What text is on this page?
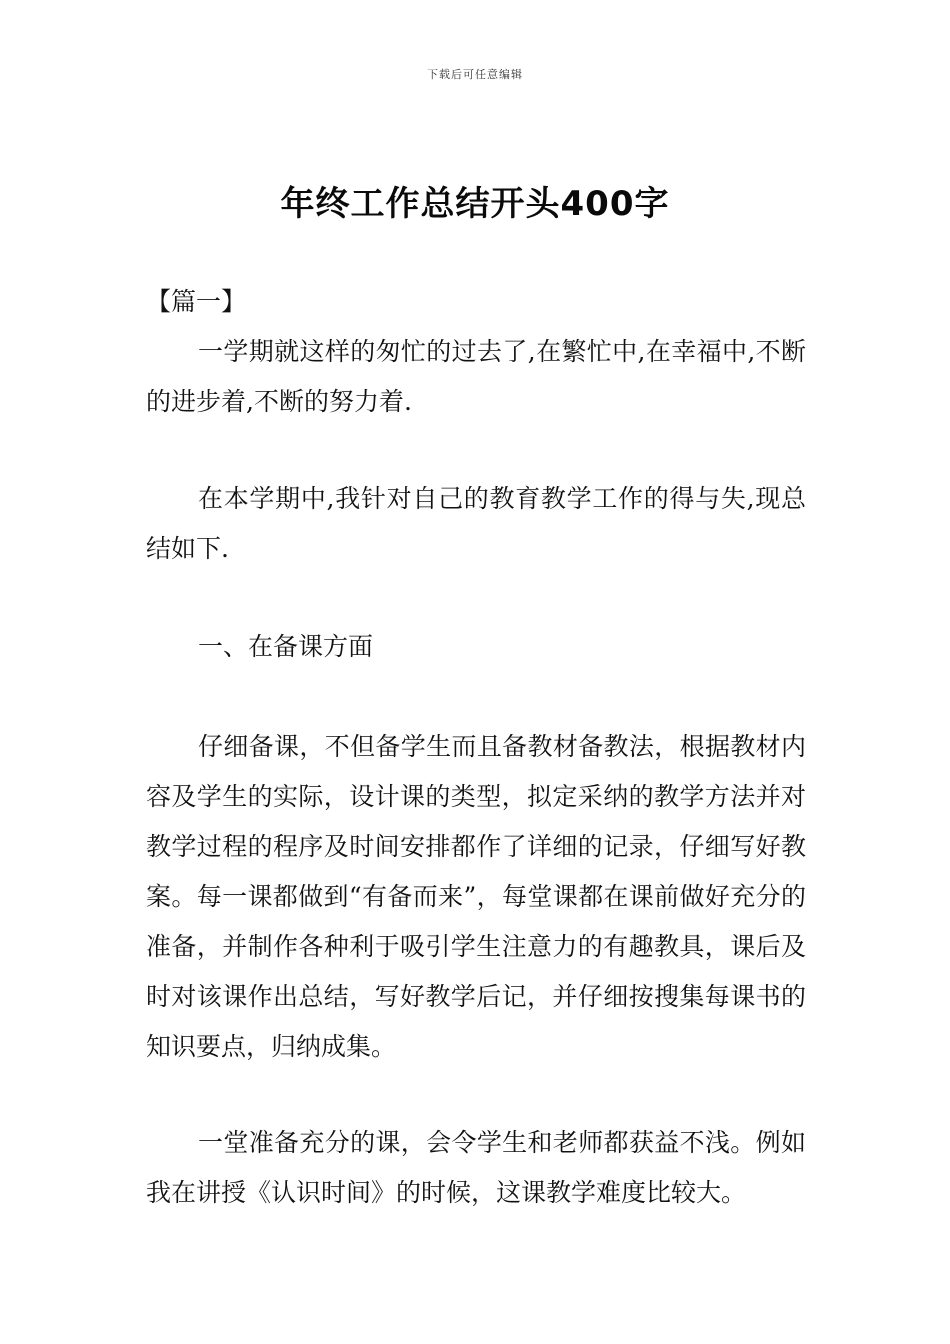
下载后可任意编辑
年终工作总结开头400字

【篇一】

一学期就这样的匆忙的过去了,在繁忙中,在幸福中,不断的进步着,不断的努力着.

在本学期中,我针对自己的教育教学工作的得与失,现总结如下.

一、在备课方面

仔细备课，不但备学生而且备教材备教法，根据教材内容及学生的实际，设计课的类型，拟定采纳的教学方法并对教学过程的程序及时间安排都作了详细的记录，仔细写好教案。每一课都做到“有备而来”，每堂课都在课前做好充分的准备，并制作各种利于吸引学生注意力的有趣教具，课后及时对该课作出总结，写好教学后记，并仔细按搜集每课书的知识要点，归纳成集。

一堂准备充分的课，会令学生和老师都获益不浅。例如我在讲授《认识时间》的时候，这课教学难度比较大。
